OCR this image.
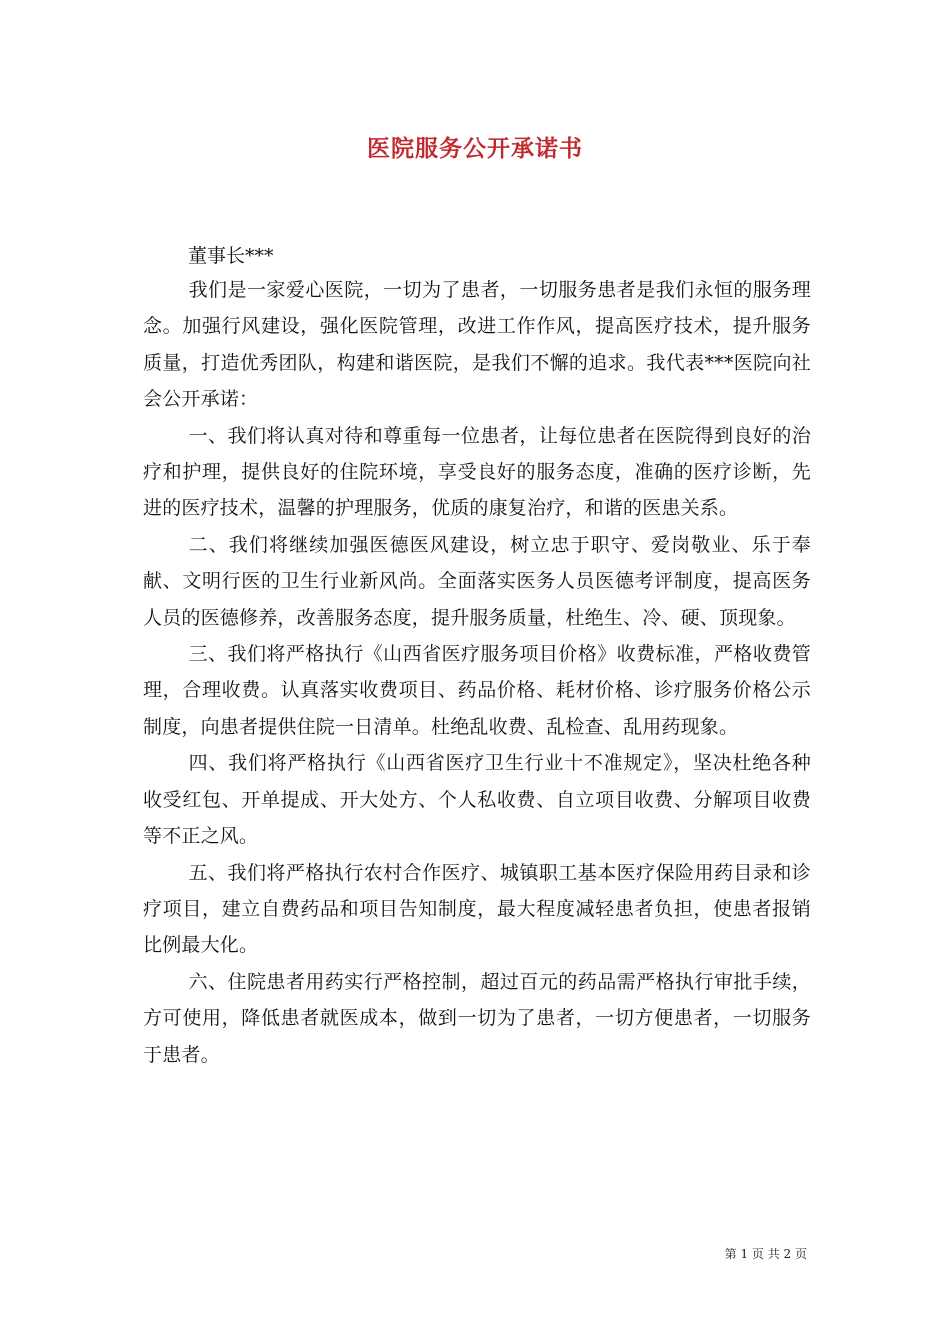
医院服务公开承诺书
董事长***

我们是一家爱心医院，一切为了患者，一切服务患者是我们永恒的服务理念。加强行风建设，强化医院管理，改进工作作风，提高医疗技术，提升服务质量，打造优秀团队，构建和谐医院，是我们不懈的追求。我代表***医院向社会公开承诺：

一、我们将认真对待和尊重每一位患者，让每位患者在医院得到良好的治疗和护理，提供良好的住院环境，享受良好的服务态度，准确的医疗诊断，先进的医疗技术，温馨的护理服务，优质的康复治疗，和谐的医患关系。

二、我们将继续加强医德医风建设，树立忠于职守、爱岗敬业、乐于奉献、文明行医的卫生行业新风尚。全面落实医务人员医德考评制度，提高医务人员的医德修养，改善服务态度，提升服务质量，杜绝生、冷、硬、顶现象。

三、我们将严格执行《山西省医疗服务项目价格》收费标准，严格收费管理，合理收费。认真落实收费项目、药品价格、耗材价格、诊疗服务价格公示制度，向患者提供住院一日清单。杜绝乱收费、乱检查、乱用药现象。

四、我们将严格执行《山西省医疗卫生行业十不准规定》，坚决杜绝各种收受红包、开单提成、开大处方、个人私收费、自立项目收费、分解项目收费等不正之风。

五、我们将严格执行农村合作医疗、城镇职工基本医疗保险用药目录和诊疗项目，建立自费药品和项目告知制度，最大程度减轻患者负担，使患者报销比例最大化。

六、住院患者用药实行严格控制，超过百元的药品需严格执行审批手续，方可使用，降低患者就医成本，做到一切为了患者，一切方便患者，一切服务于患者。

第 1 页 共 2 页
